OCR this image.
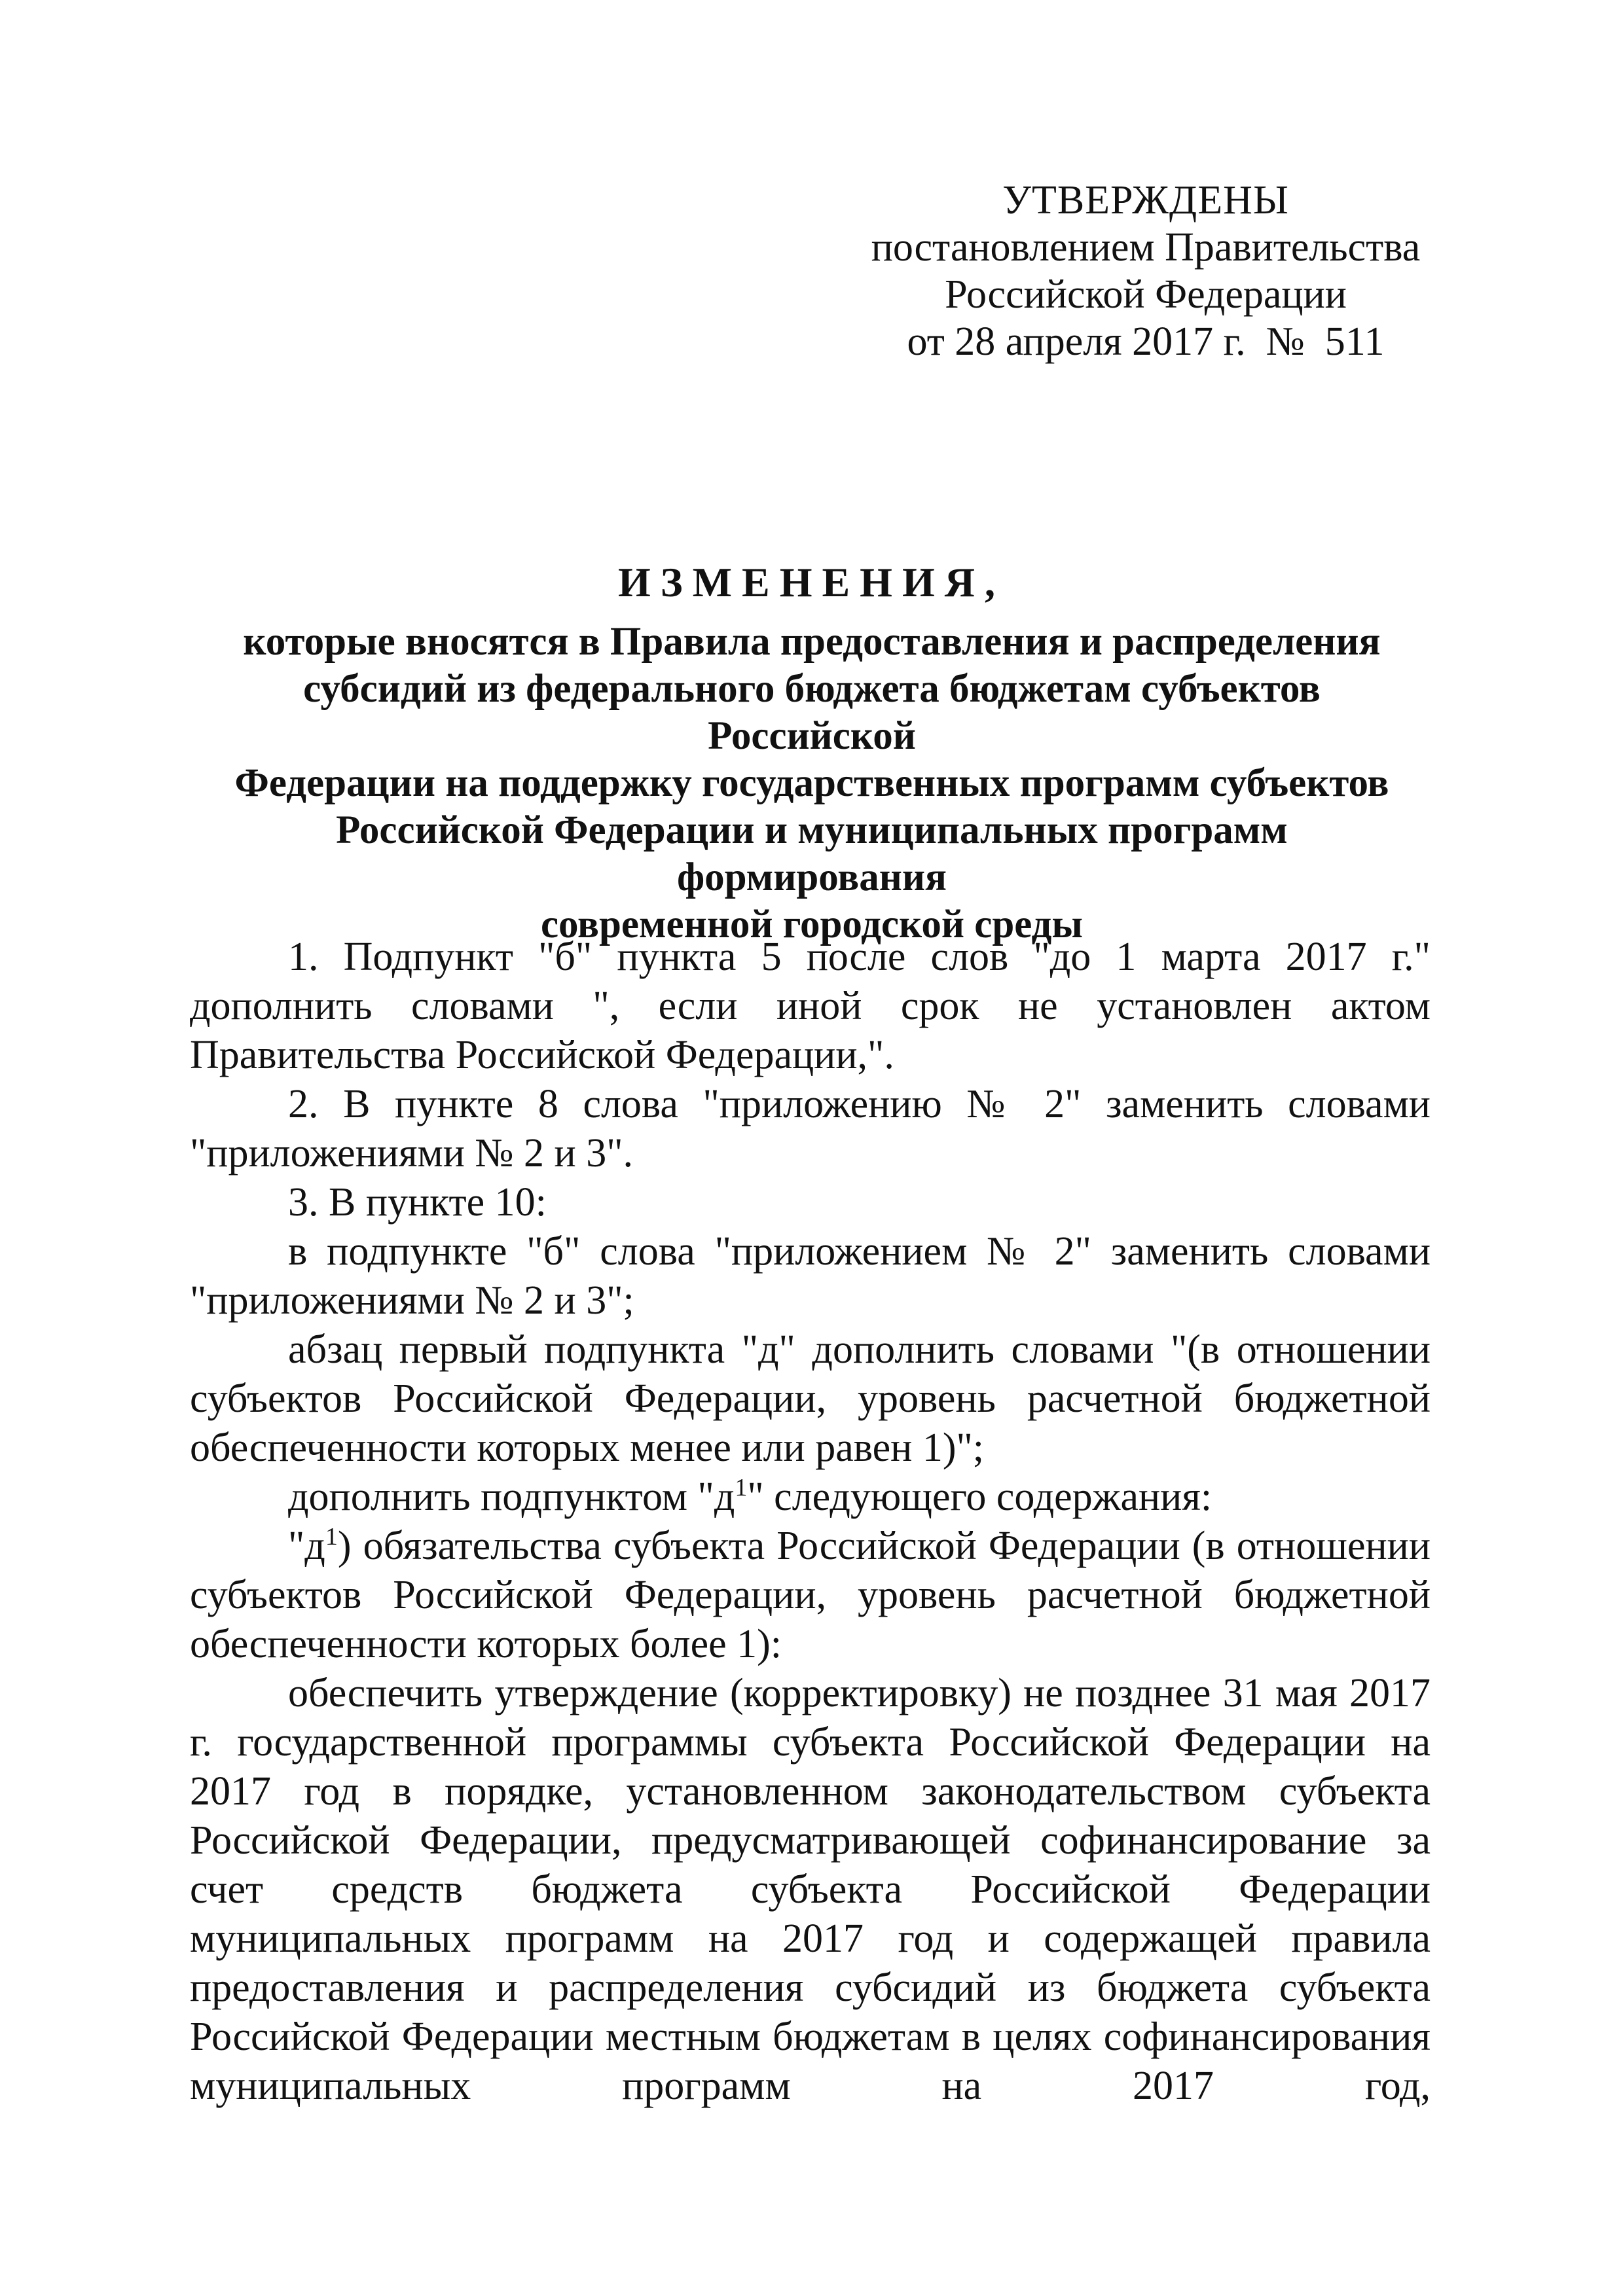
УТВЕРЖДЕНЫ
постановлением Правительства
Российской Федерации
от 28 апреля 2017 г.  №  511
ИЗМЕНЕНИЯ,
которые вносятся в Правила предоставления и распределения
субсидий из федерального бюджета бюджетам субъектов Российской
Федерации на поддержку государственных программ субъектов
Российской Федерации и муниципальных программ формирования
современной городской среды

1. Подпункт "б" пункта 5 после слов "до 1 марта 2017 г." дополнить словами ", если иной срок не установлен актом Правительства Российской Федерации,".

2. В пункте 8 слова "приложению № 2" заменить словами "приложениями № 2 и 3".

3. В пункте 10:

в подпункте "б" слова "приложением № 2" заменить словами "приложениями № 2 и 3";

абзац первый подпункта "д" дополнить словами "(в отношении субъектов Российской Федерации, уровень расчетной бюджетной обеспеченности которых менее или равен 1)";

дополнить подпунктом "$д^1$" следующего содержания:

"$д^1$) обязательства субъекта Российской Федерации (в отношении субъектов Российской Федерации, уровень расчетной бюджетной обеспеченности которых более 1):

обеспечить утверждение (корректировку) не позднее 31 мая 2017 г. государственной программы субъекта Российской Федерации на 2017 год в порядке, установленном законодательством субъекта Российской Федерации, предусматривающей софинансирование за счет средств бюджета субъекта Российской Федерации муниципальных программ на 2017 год и содержащей правила предоставления и распределения субсидий из бюджета субъекта Российской Федерации местным бюджетам в целях софинансирования муниципальных программ на 2017 год,
